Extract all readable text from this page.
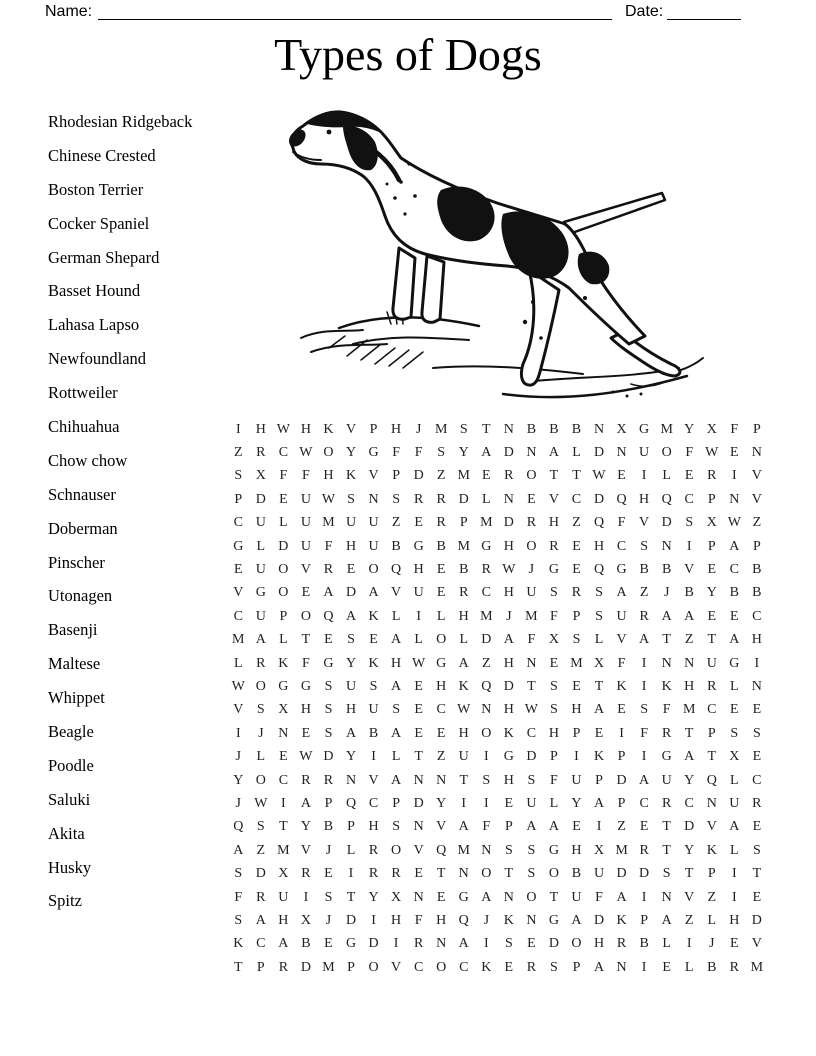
Name:	Date:
Types of Dogs
Rhodesian Ridgeback
Chinese Crested
Boston Terrier
Cocker Spaniel
German Shepard
Basset Hound
Lahasa Lapso
Newfoundland
Rottweiler
Chihuahua
Chow chow
Schnauser
Doberman
Pinscher
Utonagen
Basenji
Maltese
Whippet
Beagle
Poodle
Saluki
Akita
Husky
Spitz
I	H W H K V P H	J M S	T N B B B N X G M Y X F	P
Z R C W O Y G F	F	S Y A D N A L D N U O F W E N
S X F	F H K V P D Z M E R O T T W E	I	L E R	I	V
P D E U W S N S R R D L N E V C D Q H Q C P N V
C U L U M U U Z E R P M D R H Z Q F V D S X W Z
G L D U F H U B G B M G H O R E H C S N	I	P A P
E U O V R E O Q H E B R W J	G E Q G B B V E C B
V G O E A D A V U E R C H U S R S A Z	J	B Y B B
C U P O Q A K L	I	L H M J M F	P	S U R A A E E C
M A L T E	S	E A L O L D A F X S	L V A T Z T A H
L R K F G Y K H W G A Z H N E M X F	I	N N U G	I
W O G G S U S A E H K Q D T	S	E T K	I	K H R L N
V S X H S H U S	E C W N H W S H A E	S	F M C E E
I	J	N E	S A B A E E H O K C H P	E	I	F R T	P	S	S
J	L E W D Y	I	L T Z U	I	G D P	I	K P	I	G A T X E
Y O C R R N V A N N T	S H S	F U P D A U Y Q L C
J W I	A P Q C P D Y	I	I	E U L Y A P C R C N U R
Q S	T Y B P H S N V A F	P A A E	I	Z E T D V A E
A Z M V	J	L R O V Q M N S	S G H X M R T Y K L	S
S D X R E	I	R R E T N O T	S O B U D D S	T	P	I	T
F R U	I	S	T Y X N E G A N O T U F A	I	N V Z	I	E
S A H X	J	D	I	H F H Q	J	K N G A D K P A Z L H D
K C A B E G D	I	R N A	I	S	E D O H R B L	I	J	E V
T	P R D M P O V C O C K E R S	P A N	I	E L B R M
